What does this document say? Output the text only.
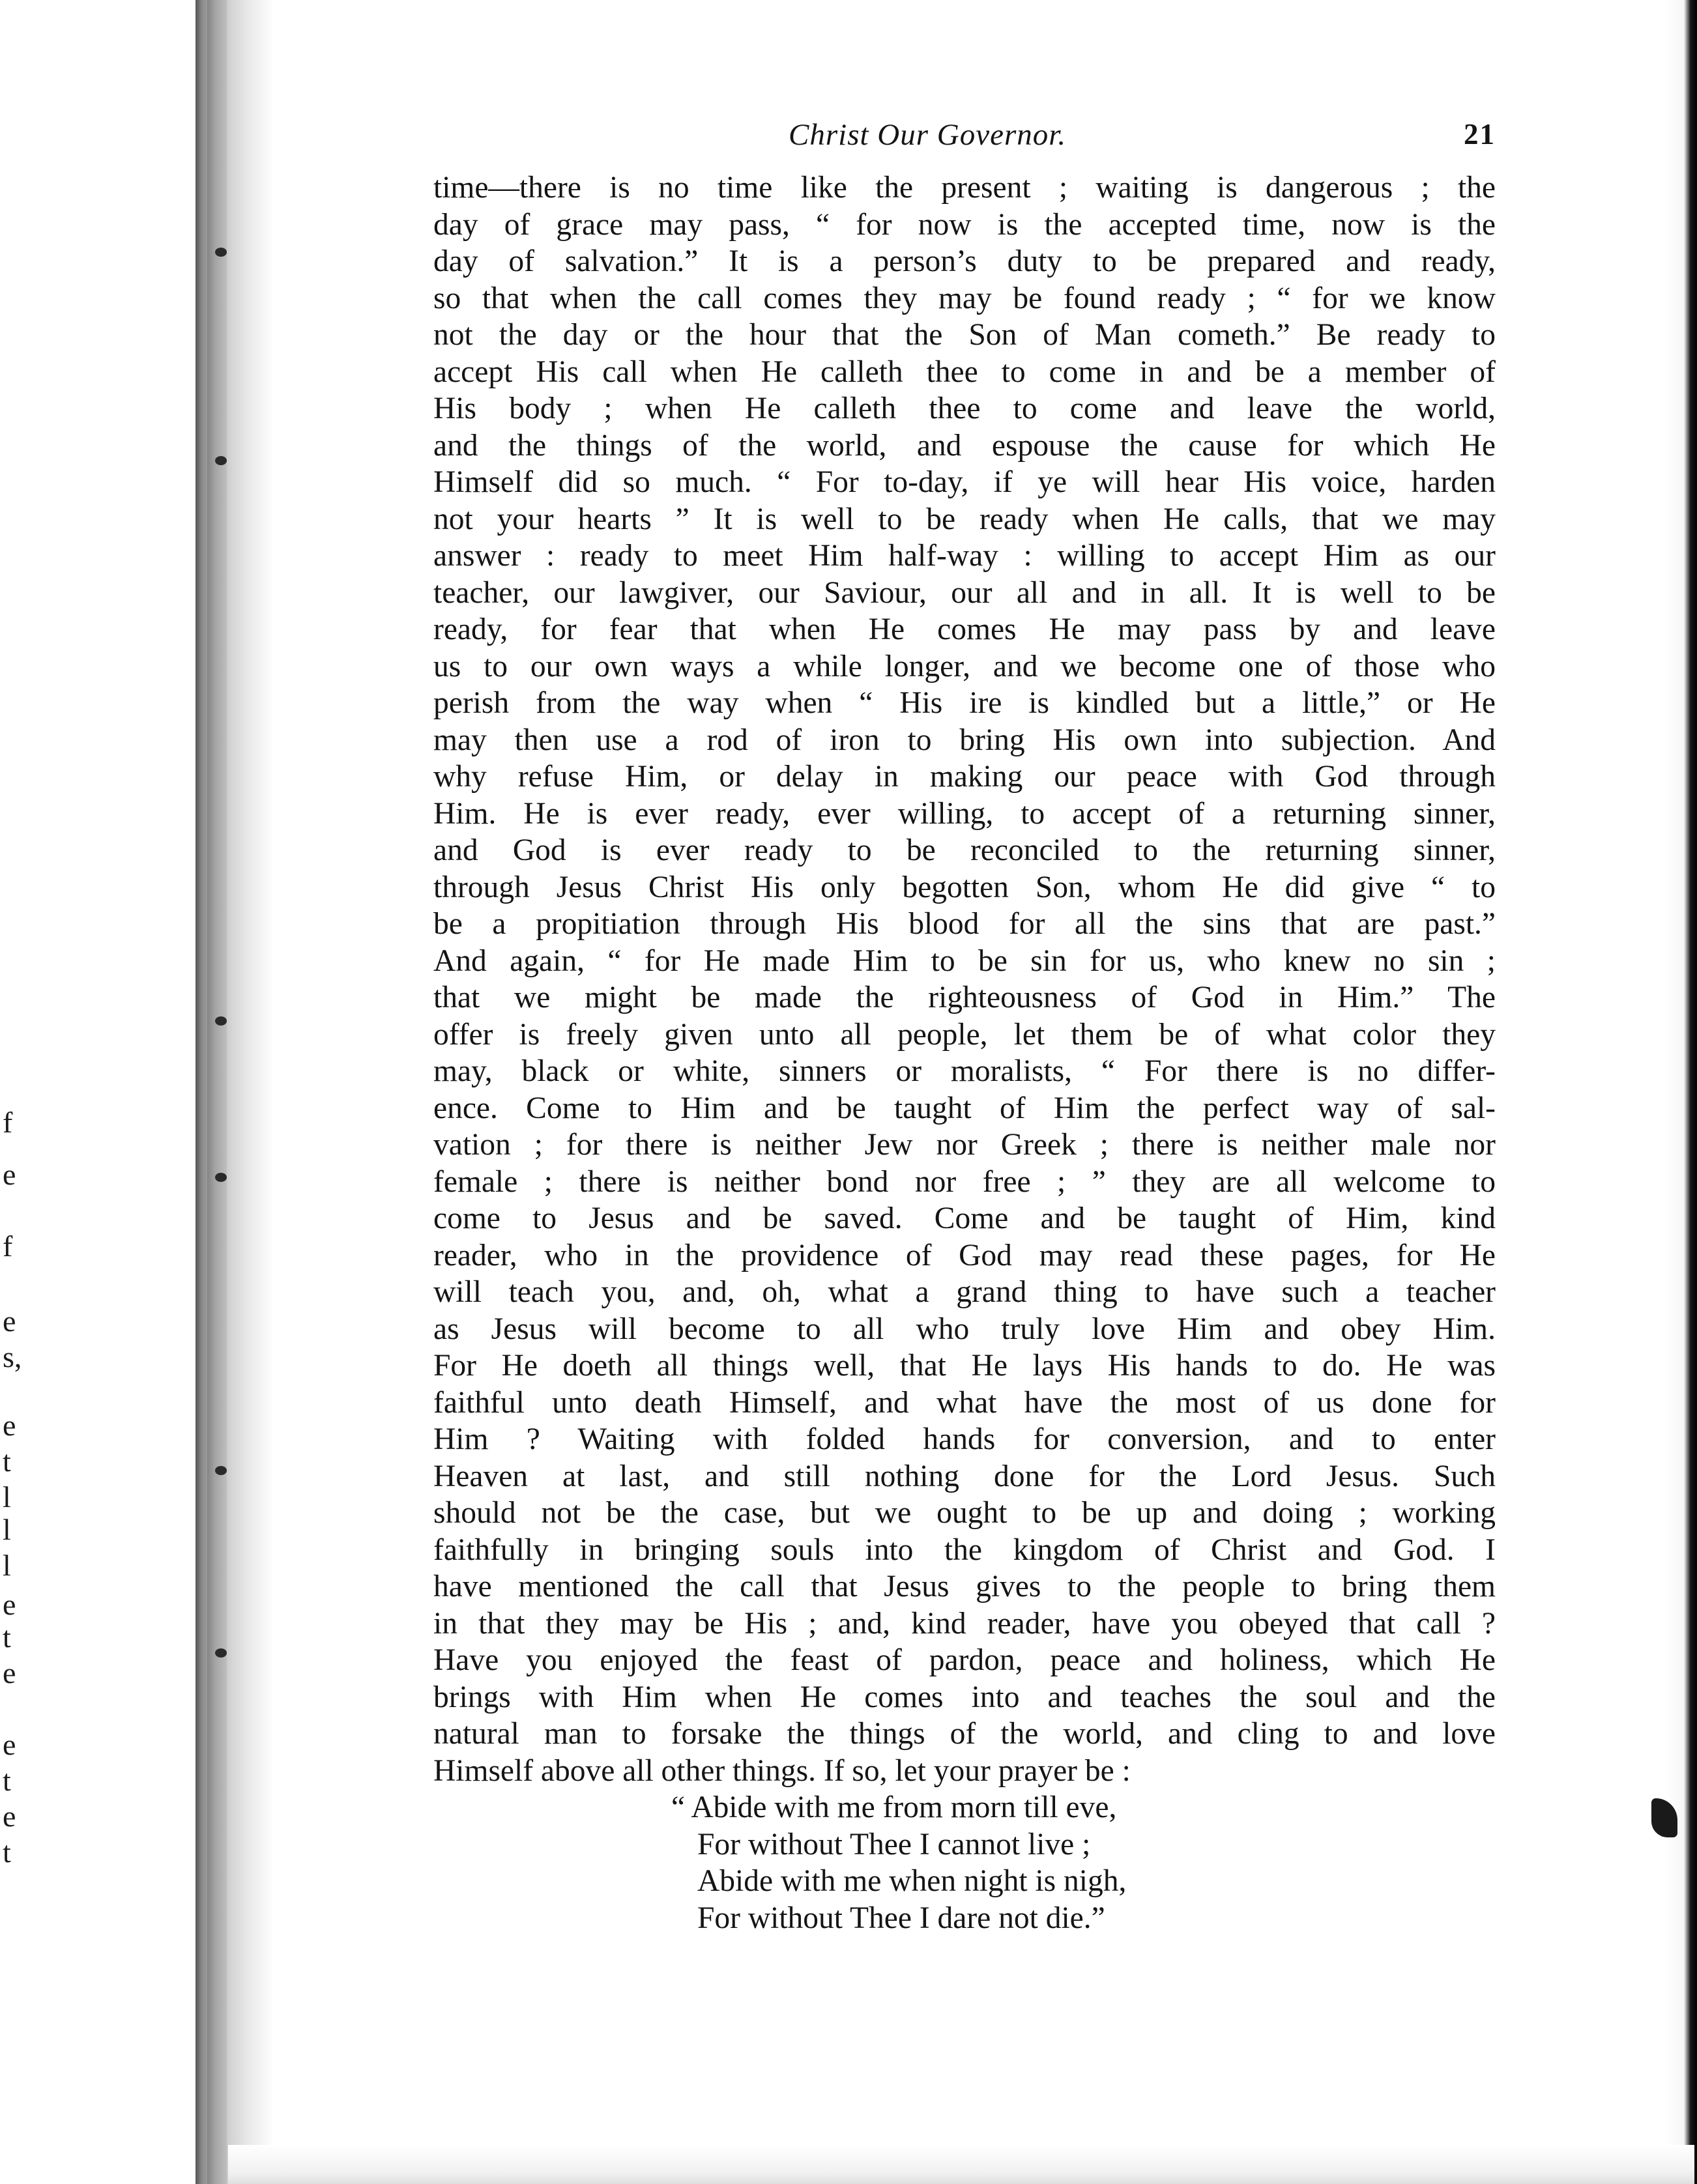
f
e
f
e
s,
e
t
l
l
l
e
t
e
e
t
e
t
Christ Our Governor.	21
time—there is no time like the present ; waiting is dangerous ; the
day of grace may pass, “ for now is the accepted time, now is the
day of salvation.” It is a person’s duty to be prepared and ready,
so that when the call comes they may be found ready ; “ for we know
not the day or the hour that the Son of Man cometh.” Be ready to
accept His call when He calleth thee to come in and be a member of
His body ; when He calleth thee to come and leave the world,
and the things of the world, and espouse the cause for which He
Himself did so much. “ For to-day, if ye will hear His voice, harden
not your hearts ” It is well to be ready when He calls, that we may
answer : ready to meet Him half-way : willing to accept Him as our
teacher, our lawgiver, our Saviour, our all and in all. It is well to be
ready, for fear that when He comes He may pass by and leave
us to our own ways a while longer, and we become one of those who
perish from the way when “ His ire is kindled but a little,” or He
may then use a rod of iron to bring His own into subjection. And
why refuse Him, or delay in making our peace with God through
Him. He is ever ready, ever willing, to accept of a returning sinner,
and God is ever ready to be reconciled to the returning sinner,
through Jesus Christ His only begotten Son, whom He did give “ to
be a propitiation through His blood for all the sins that are past.”
And again, “ for He made Him to be sin for us, who knew no sin ;
that we might be made the righteousness of God in Him.” The
offer is freely given unto all people, let them be of what color they
may, black or white, sinners or moralists, “ For there is no differ-
ence. Come to Him and be taught of Him the perfect way of sal-
vation ; for there is neither Jew nor Greek ; there is neither male nor
female ; there is neither bond nor free ; ” they are all welcome to
come to Jesus and be saved. Come and be taught of Him, kind
reader, who in the providence of God may read these pages, for He
will teach you, and, oh, what a grand thing to have such a teacher
as Jesus will become to all who truly love Him and obey Him.
For He doeth all things well, that He lays His hands to do. He was
faithful unto death Himself, and what have the most of us done for
Him ? Waiting with folded hands for conversion, and to enter
Heaven at last, and still nothing done for the Lord Jesus. Such
should not be the case, but we ought to be up and doing ; working
faithfully in bringing souls into the kingdom of Christ and God. I
have mentioned the call that Jesus gives to the people to bring them
in that they may be His ; and, kind reader, have you obeyed that call ?
Have you enjoyed the feast of pardon, peace and holiness, which He
brings with Him when He comes into and teaches the soul and the
natural man to forsake the things of the world, and cling to and love
Himself above all other things. If so, let your prayer be :
“ Abide with me from morn till eve,
For without Thee I cannot live ;
Abide with me when night is nigh,
For without Thee I dare not die.”
